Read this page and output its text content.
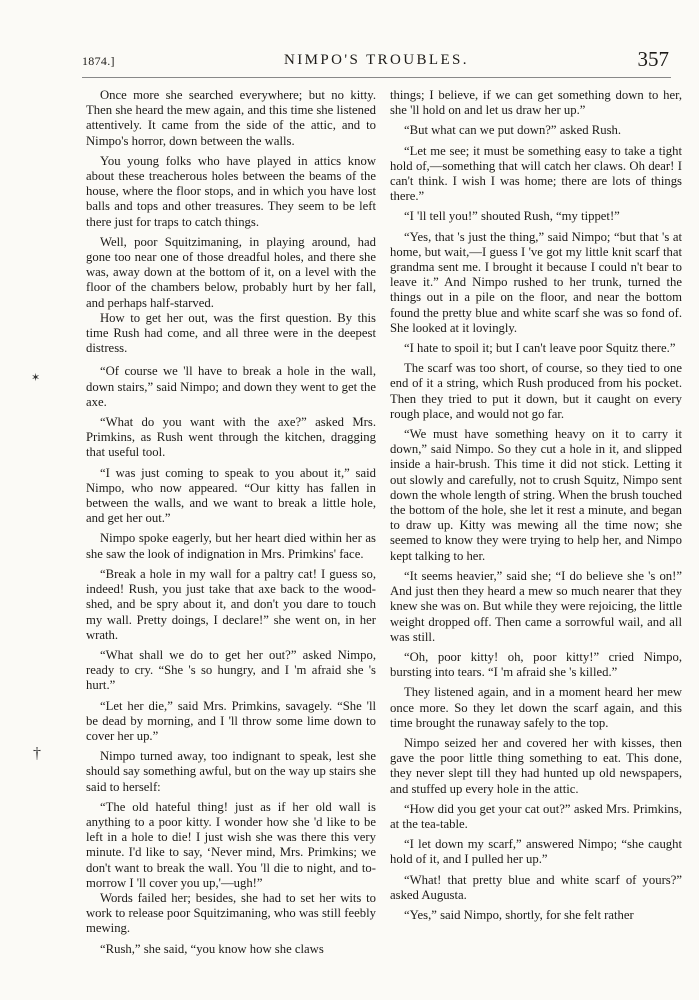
1874.]	NIMPO'S TROUBLES.	357

Once more she searched everywhere; but no kitty. Then she heard the mew again, and this time she listened attentively. It came from the side of the attic, and to Nimpo's horror, down between the walls.

You young folks who have played in attics know about these treacherous holes between the beams of the house, where the floor stops, and in which you have lost balls and tops and other treasures. They seem to be left there just for traps to catch things.

Well, poor Squitzimaning, in playing around, had gone too near one of those dreadful holes, and there she was, away down at the bottom of it, on a level with the floor of the chambers below, probably hurt by her fall, and perhaps half-starved.

How to get her out, was the first question. By this time Rush had come, and all three were in the deepest distress.

“Of course we 'll have to break a hole in the wall, down stairs,” said Nimpo; and down they went to get the axe.

“What do you want with the axe?” asked Mrs. Primkins, as Rush went through the kitchen, dragging that useful tool.

“I was just coming to speak to you about it,” said Nimpo, who now appeared. “Our kitty has fallen in between the walls, and we want to break a little hole, and get her out.”

Nimpo spoke eagerly, but her heart died within her as she saw the look of indignation in Mrs. Primkins' face.

“Break a hole in my wall for a paltry cat! I guess so, indeed! Rush, you just take that axe back to the wood-shed, and be spry about it, and don't you dare to touch my wall. Pretty doings, I declare!” she went on, in her wrath.

“What shall we do to get her out?” asked Nimpo, ready to cry. “She 's so hungry, and I 'm afraid she 's hurt.”

“Let her die,” said Mrs. Primkins, savagely. “She 'll be dead by morning, and I 'll throw some lime down to cover her up.”

Nimpo turned away, too indignant to speak, lest she should say something awful, but on the way up stairs she said to herself:

“The old hateful thing! just as if her old wall is anything to a poor kitty. I wonder how she 'd like to be left in a hole to die! I just wish she was there this very minute. I'd like to say, ‘Never mind, Mrs. Primkins; we don't want to break the wall. You 'll die to night, and to-morrow I 'll cover you up,'—ugh!”

Words failed her; besides, she had to set her wits to work to release poor Squitzimaning, who was still feebly mewing.

“Rush,” she said, “you know how she claws

things; I believe, if we can get something down to her, she 'll hold on and let us draw her up.”

“But what can we put down?” asked Rush.

“Let me see; it must be something easy to take a tight hold of,—something that will catch her claws. Oh dear! I can't think. I wish I was home; there are lots of things there.”

“I 'll tell you!” shouted Rush, “my tippet!”

“Yes, that 's just the thing,” said Nimpo; “but that 's at home, but wait,—I guess I 've got my little knit scarf that grandma sent me. I brought it because I could n't bear to leave it.” And Nimpo rushed to her trunk, turned the things out in a pile on the floor, and near the bottom found the pretty blue and white scarf she was so fond of. She looked at it lovingly.

“I hate to spoil it; but I can't leave poor Squitz there.”

The scarf was too short, of course, so they tied to one end of it a string, which Rush produced from his pocket. Then they tried to put it down, but it caught on every rough place, and would not go far.

“We must have something heavy on it to carry it down,” said Nimpo. So they cut a hole in it, and slipped inside a hair-brush. This time it did not stick. Letting it out slowly and carefully, not to crush Squitz, Nimpo sent down the whole length of string. When the brush touched the bottom of the hole, she let it rest a minute, and began to draw up. Kitty was mewing all the time now; she seemed to know they were trying to help her, and Nimpo kept talking to her.

“It seems heavier,” said she; “I do believe she 's on!” And just then they heard a mew so much nearer that they knew she was on. But while they were rejoicing, the little weight dropped off. Then came a sorrowful wail, and all was still.

“Oh, poor kitty! oh, poor kitty!” cried Nimpo, bursting into tears. “I 'm afraid she 's killed.”

They listened again, and in a moment heard her mew once more. So they let down the scarf again, and this time brought the runaway safely to the top.

Nimpo seized her and covered her with kisses, then gave the poor little thing something to eat. This done, they never slept till they had hunted up old newspapers, and stuffed up every hole in the attic.

“How did you get your cat out?” asked Mrs. Primkins, at the tea-table.

“I let down my scarf,” answered Nimpo; “she caught hold of it, and I pulled her up.”

“What! that pretty blue and white scarf of yours?” asked Augusta.

“Yes,” said Nimpo, shortly, for she felt rather

✶
†
